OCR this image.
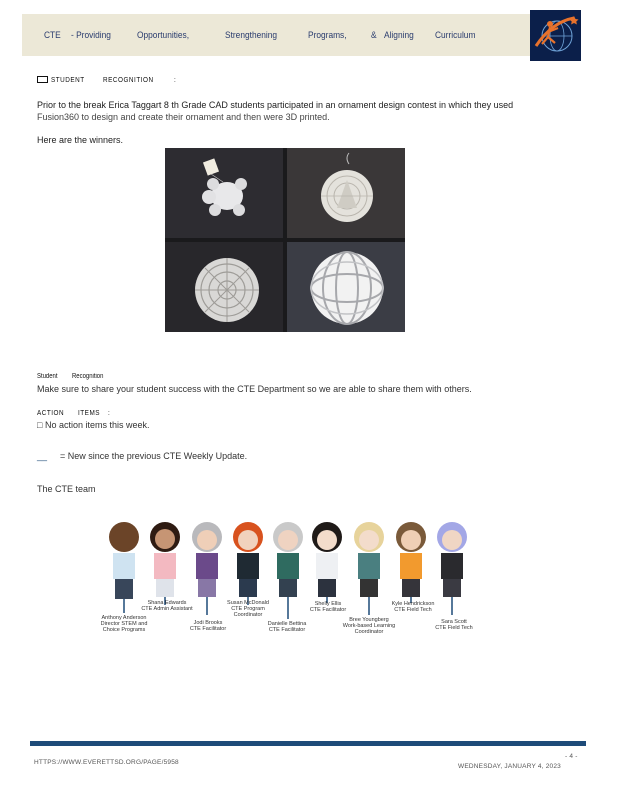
CTE - Providing	Opportunities,	Strengthening	Programs,	& Aligning Curriculum
STUDENT RECOGNITION	:
Prior to the break Erica Taggart 8 th Grade CAD students participated in an ornament design contest in which they used
Fusion360 to design and create their ornament and then were 3D printed.
Here are the winners.
Student Recognition
Make sure to share your student success with the CTE Department so we are able to share them with others.
ACTION ITEMS :
□ No action items this week.
__ = New since the previous CTE Weekly Update.
The CTE team
Anthony Anderson
Director STEM and Choice Programs
Shana Edwards
CTE Admin Assistant
Jodi Brooks
CTE Facilitator
Susan McDonald
CTE Program Coordinator
Danielle Bettina
CTE Facilitator
Shelly Ellis
CTE Facilitator
Bree Youngberg
Work-based Learning Coordinator
Kyle Hendrickson
CTE Field Tech
Sara Scott
CTE Field Tech
HTTPS://WWW.EVERETTSD.ORG/PAGE/5958
- 4 -
WEDNESDAY, JANUARY 4, 2023
